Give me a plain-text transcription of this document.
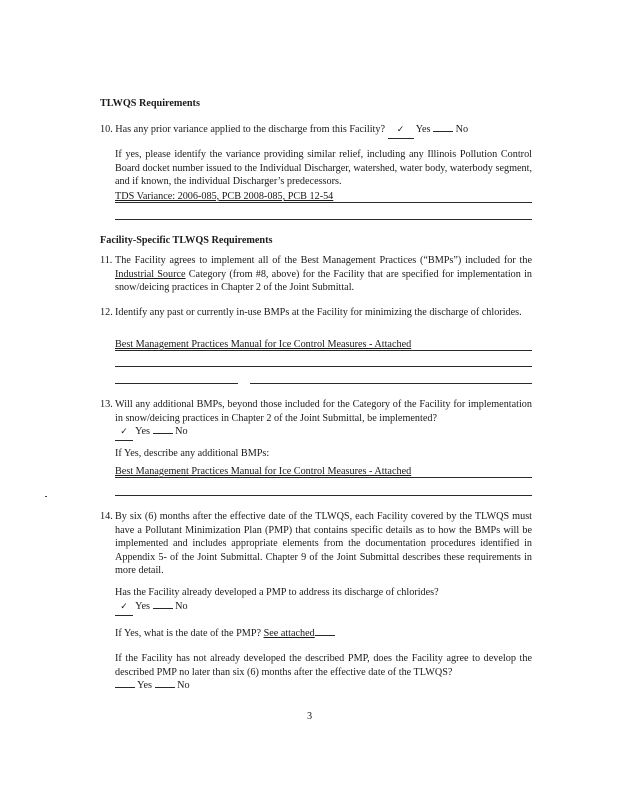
TLWQS Requirements
10. Has any prior variance applied to the discharge from this Facility? ✓ Yes No
If yes, please identify the variance providing similar relief, including any Illinois Pollution Control Board docket number issued to the Individual Discharger, watershed, water body, waterbody segment, and if known, the individual Discharger’s predecessors.
TDS Variance: 2006-085, PCB 2008-085, PCB 12-54
Facility-Specific TLWQS Requirements
11. The Facility agrees to implement all of the Best Management Practices (“BMPs”) included for the Industrial Source Category (from #8, above) for the Facility that are specified for implementation in snow/deicing practices in Chapter 2 of the Joint Submittal.
12. Identify any past or currently in-use BMPs at the Facility for minimizing the discharge of chlorides.
Best Management Practices Manual for Ice Control Measures - Attached
13. Will any additional BMPs, beyond those included for the Category of the Facility for implementation in snow/deicing practices in Chapter 2 of the Joint Submittal, be implemented?
✓ Yes No
If Yes, describe any additional BMPs:
Best Management Practices Manual for Ice Control Measures - Attached
14. By six (6) months after the effective date of the TLWQS, each Facility covered by the TLWQS must have a Pollutant Minimization Plan (PMP) that contains specific details as to how the BMPs will be implemented and includes appropriate elements from the documentation procedures identified in Appendix 5- of the Joint Submittal. Chapter 9 of the Joint Submittal describes these requirements in more detail.
Has the Facility already developed a PMP to address its discharge of chlorides?
✓ Yes No
If Yes, what is the date of the PMP? See attached
If the Facility has not already developed the described PMP, does the Facility agree to develop the described PMP no later than six (6) months after the effective date of the TLWQS?
Yes No
3
